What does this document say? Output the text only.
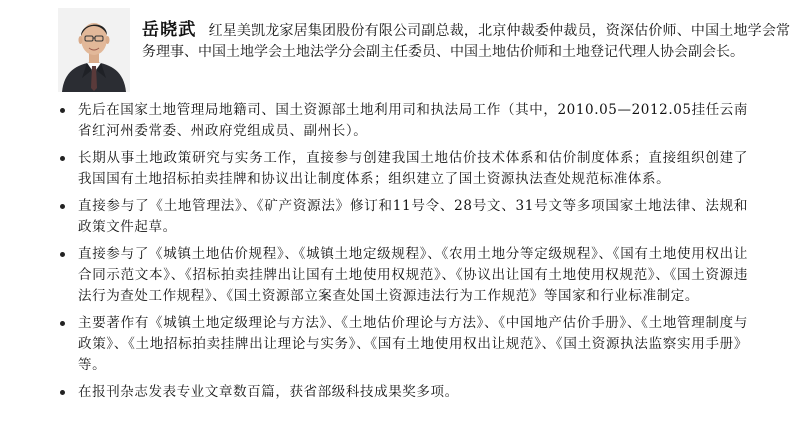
岳晓武 红星美凯龙家居集团股份有限公司副总裁，北京仲裁委仲裁员，资深估价师、中国土地学会常务理事、中国土地学会土地法学分会副主任委员、中国土地估价师和土地登记代理人协会副会长。
先后在国家土地管理局地籍司、国土资源部土地利用司和执法局工作（其中，2010.05—2012.05挂任云南省红河州委常委、州政府党组成员、副州长）。
长期从事土地政策研究与实务工作，直接参与创建我国土地估价技术体系和估价制度体系；直接组织创建了我国国有土地招标拍卖挂牌和协议出让制度体系；组织建立了国土资源执法查处规范标准体系。
直接参与了《土地管理法》、《矿产资源法》修订和11号令、28号文、31号文等多项国家土地法律、法规和政策文件起草。
直接参与了《城镇土地估价规程》、《城镇土地定级规程》、《农用土地分等定级规程》、《国有土地使用权出让合同示范文本》、《招标拍卖挂牌出让国有土地使用权规范》、《协议出让国有土地使用权规范》、《国土资源违法行为查处工作规程》、《国土资源部立案查处国土资源违法行为工作规范》等国家和行业标准制定。
主要著作有《城镇土地定级理论与方法》、《土地估价理论与方法》、《中国地产估价手册》、《土地管理制度与政策》、《土地招标拍卖挂牌出让理论与实务》、《国有土地使用权出让规范》、《国土资源执法监察实用手册》等。
在报刊杂志发表专业文章数百篇，获省部级科技成果奖多项。
